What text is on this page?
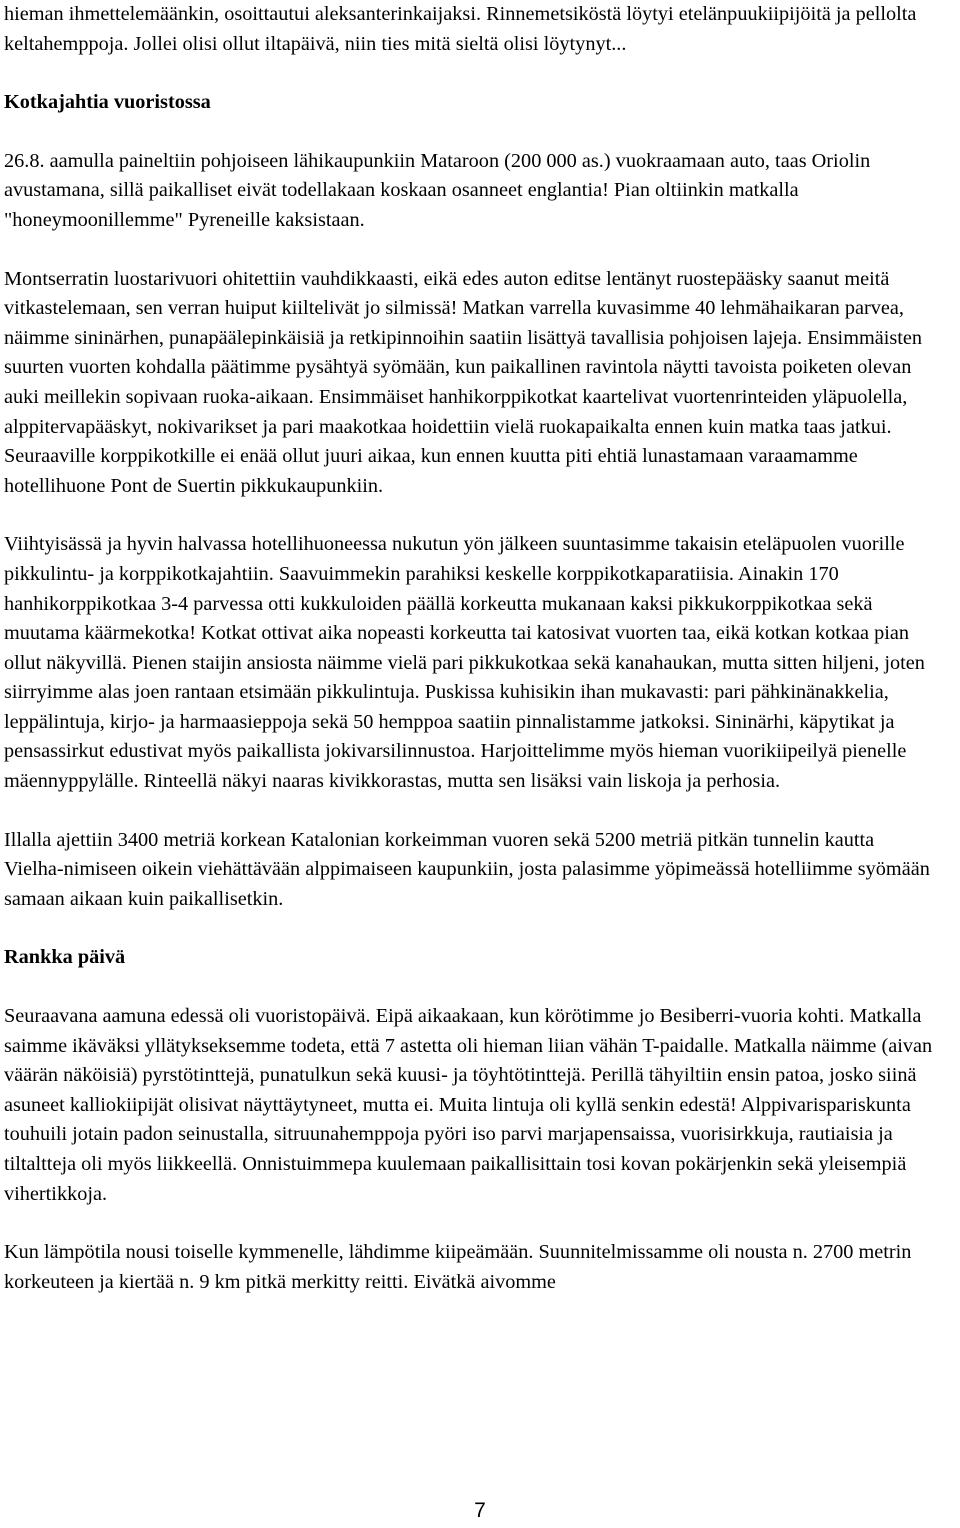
hieman ihmettelemäänkin, osoittautui aleksanterinkaijaksi. Rinnemetsiköstä löytyi etelänpuukiipijöitä ja pellolta keltahemppoja. Jollei olisi ollut iltapäivä, niin ties mitä sieltä olisi löytynyt...

Kotkajahtia vuoristossa

26.8. aamulla paineltiin pohjoiseen lähikaupunkiin Mataroon (200 000 as.) vuokraamaan auto, taas Oriolin avustamana, sillä paikalliset eivät todellakaan koskaan osanneet englantia! Pian oltiinkin matkalla "honeymoonillemme" Pyreneille kaksistaan.

Montserratin luostarivuori ohitettiin vauhdikkaasti, eikä edes auton editse lentänyt ruostepääsky saanut meitä vitkastelemaan, sen verran huiput kiiltelivät jo silmissä! Matkan varrella kuvasimme 40 lehmähaikaran parvea, näimme sininärhen, punapäälepinkäisiä ja retkipinnoihin saatiin lisättyä tavallisia pohjoisen lajeja. Ensimmäisten suurten vuorten kohdalla päätimme pysähtyä syömään, kun paikallinen ravintola näytti tavoista poiketen olevan auki meillekin sopivaan ruoka-aikaan. Ensimmäiset hanhikorppikotkat kaartelivat vuortenrinteiden yläpuolella, alppitervapääskyt, nokivarikset ja pari maakotkaa hoidettiin vielä ruokapaikalta ennen kuin matka taas jatkui. Seuraaville korppikotkille ei enää ollut juuri aikaa, kun ennen kuutta piti ehtiä lunastamaan varaamamme hotellihuone Pont de Suertin pikkukaupunkiin.

Viihtyisässä ja hyvin halvassa hotellihuoneessa nukutun yön jälkeen suuntasimme takaisin eteläpuolen vuorille pikkulintu- ja korppikotkajahtiin. Saavuimmekin parahiksi keskelle korppikotkaparatiisia. Ainakin 170 hanhikorppikotkaa 3-4 parvessa otti kukkuloiden päällä korkeutta mukanaan kaksi pikkukorppikotkaa sekä muutama käärmekotka! Kotkat ottivat aika nopeasti korkeutta tai katosivat vuorten taa, eikä kotkan kotkaa pian ollut näkyvillä. Pienen staijin ansiosta näimme vielä pari pikkukotkaa sekä kanahaukan, mutta sitten hiljeni, joten siirryimme alas joen rantaan etsimään pikkulintuja. Puskissa kuhisikin ihan mukavasti: pari pähkinänakkelia, leppälintuja, kirjo- ja harmaasieppoja sekä 50 hemppoa saatiin pinnalistamme jatkoksi. Sininärhi, käpytikat ja pensassirkut edustivat myös paikallista jokivarsilinnustoa. Harjoittelimme myös hieman vuorikiipeilyä pienelle mäennyppylälle. Rinteellä näkyi naaras kivikkorastas, mutta sen lisäksi vain liskoja ja perhosia.

Illalla ajettiin 3400 metriä korkean Katalonian korkeimman vuoren sekä 5200 metriä pitkän tunnelin kautta Vielha-nimiseen oikein viehättävään alppimaiseen kaupunkiin, josta palasimme yöpimeässä hotelliimme syömään samaan aikaan kuin paikallisetkin.

Rankka päivä

Seuraavana aamuna edessä oli vuoristopäivä. Eipä aikaakaan, kun körötimme jo Besiberri-vuoria kohti. Matkalla saimme ikäväksi yllätykseksemme todeta, että 7 astetta oli hieman liian vähän T-paidalle. Matkalla näimme (aivan väärän näköisiä) pyrstötinttejä, punatulkun sekä kuusi- ja töyhtötinttejä. Perillä tähyiltiin ensin patoa, josko siinä asuneet kalliokiipijät olisivat näyttäytyneet, mutta ei. Muita lintuja oli kyllä senkin edestä! Alppivarispariskunta touhuili jotain padon seinustalla, sitruunahemppoja pyöri iso parvi marjapensaissa, vuorisirkkuja, rautiaisia ja tiltaltteja oli myös liikkeellä. Onnistuimmepa kuulemaan paikallisittain tosi kovan pokärjenkin sekä yleisempiä vihertikkoja.

Kun lämpötila nousi toiselle kymmenelle, lähdimme kiipeämään. Suunnitelmissamme oli nousta n. 2700 metrin korkeuteen ja kiertää n. 9 km pitkä merkitty reitti. Eivätkä aivomme

7
